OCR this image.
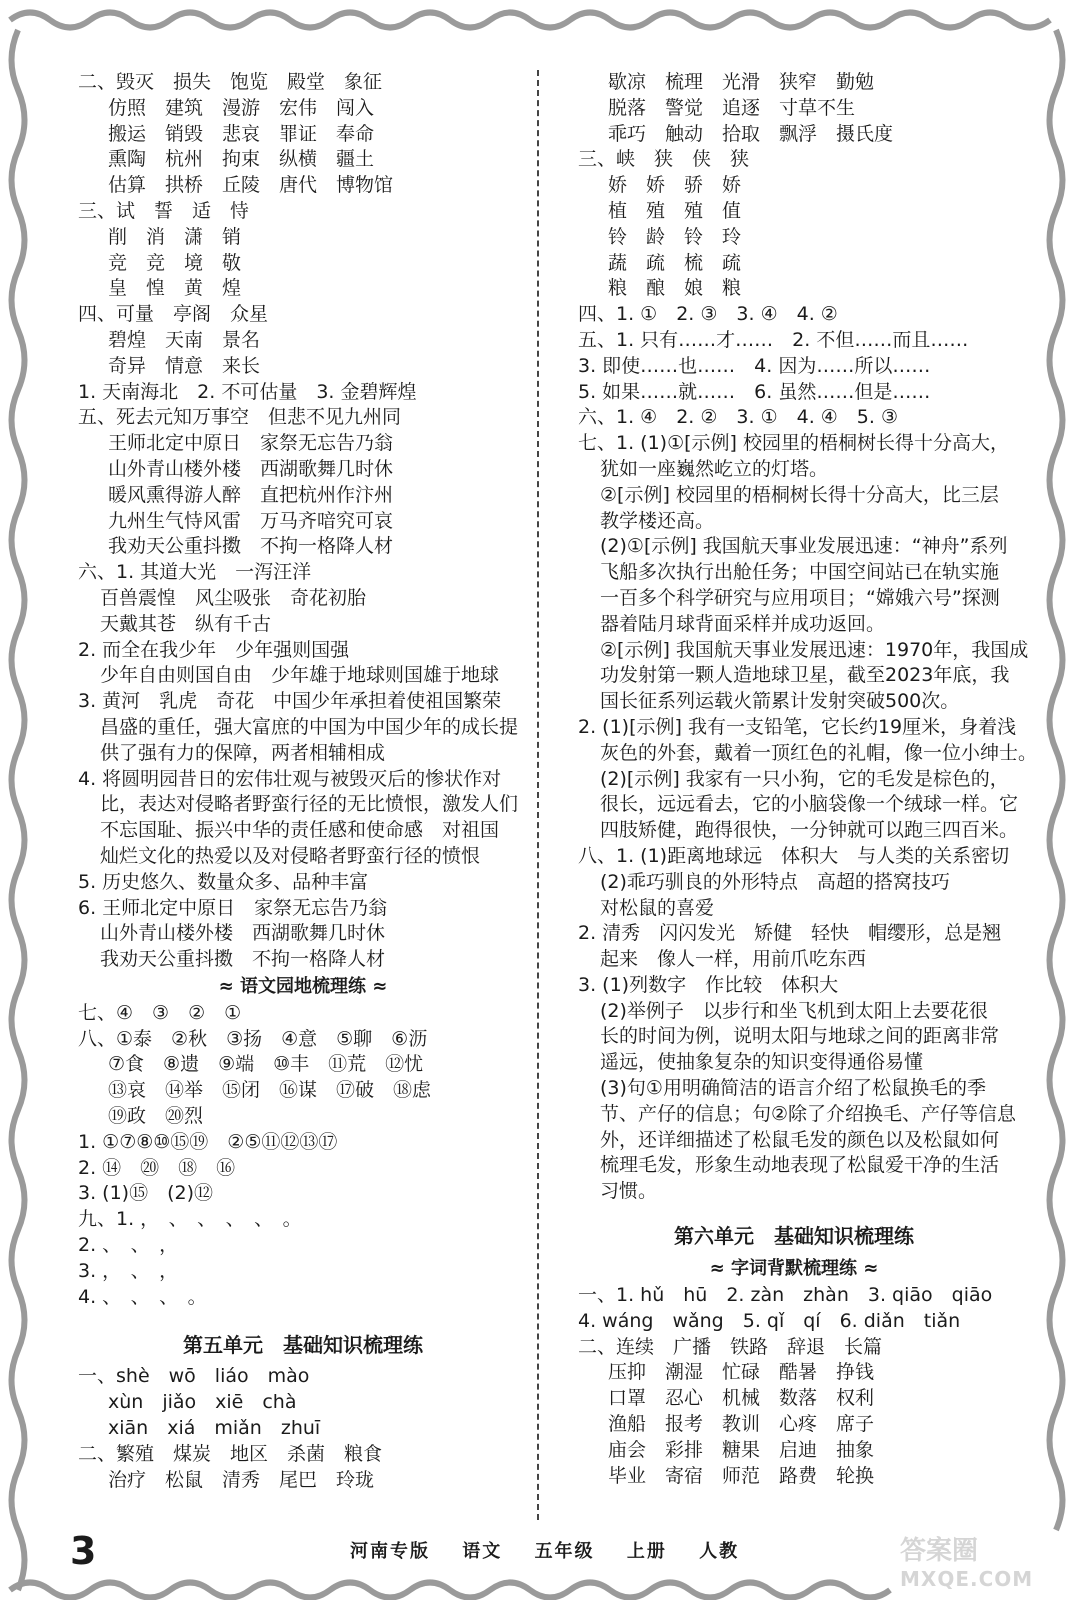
二、毁灭　损失　饱览　殿堂　象征
仿照　建筑　漫游　宏伟　闯入
搬运　销毁　悲哀　罪证　奉命
熏陶　杭州　拘束　纵横　疆土
估算　拱桥　丘陵　唐代　博物馆
三、试　誓　适　恃
削　消　潇　销
竞　竞　境　敬
皇　惶　黄　煌
四、可量　亭阁　众星
碧煌　天南　景名
奇异　情意　来长
1. 天南海北　2. 不可估量　3. 金碧辉煌
五、死去元知万事空　但悲不见九州同
王师北定中原日　家祭无忘告乃翁
山外青山楼外楼　西湖歌舞几时休
暖风熏得游人醉　直把杭州作汴州
九州生气恃风雷　万马齐喑究可哀
我劝天公重抖擞　不拘一格降人材
六、1. 其道大光　一泻汪洋
百兽震惶　风尘吸张　奇花初胎
天戴其苍　纵有千古
2. 而全在我少年　少年强则国强
少年自由则国自由　少年雄于地球则国雄于地球
3. 黄河　乳虎　奇花　中国少年承担着使祖国繁荣
昌盛的重任，强大富庶的中国为中国少年的成长提
供了强有力的保障，两者相辅相成
4. 将圆明园昔日的宏伟壮观与被毁灭后的惨状作对
比，表达对侵略者野蛮行径的无比愤恨，激发人们
不忘国耻、振兴中华的责任感和使命感　对祖国
灿烂文化的热爱以及对侵略者野蛮行径的愤恨
5. 历史悠久、数量众多、品种丰富
6. 王师北定中原日　家祭无忘告乃翁
山外青山楼外楼　西湖歌舞几时休
我劝天公重抖擞　不拘一格降人材
≈ 语文园地梳理练 ≈
七、④　③　②　①
八、①泰　②秋　③扬　④意　⑤聊　⑥沥
⑦食　⑧遗　⑨端　⑩丰　⑪荒　⑫忧
⑬哀　⑭举　⑮闭　⑯谋　⑰破　⑱虑
⑲政　⑳烈
1. ①⑦⑧⑩⑮⑲　②⑤⑪⑫⑬⑰
2. ⑭　⑳　⑱　⑯
3. (1)⑮　(2)⑫
九、1. ，　、　、　、　、　。
2. 、　、　，
3. ，　、　，
4. 、　、　、　。
第五单元　基础知识梳理练
一、shè　wō　liáo　mào
xùn　jiǎo　xiē　chà
xiān　xiá　miǎn　zhuī
二、繁殖　煤炭　地区　杀菌　粮食
治疗　松鼠　清秀　尾巴　玲珑
歇凉　梳理　光滑　狭窄　勤勉
脱落　警觉　追逐　寸草不生
乖巧　触动　拾取　飘浮　摄氏度
三、峡　狭　侠　狭
娇　娇　骄　娇
植　殖　殖　值
铃　龄　铃　玲
蔬　疏　梳　疏
粮　酿　娘　粮
四、1. ①　2. ③　3. ④　4. ②
五、1. 只有……才……　2. 不但……而且……
3. 即使……也……　4. 因为……所以……
5. 如果……就……　6. 虽然……但是……
六、1. ④　2. ②　3. ①　4. ④　5. ③
七、1. (1)①[示例] 校园里的梧桐树长得十分高大，
犹如一座巍然屹立的灯塔。
②[示例] 校园里的梧桐树长得十分高大，比三层
教学楼还高。
(2)①[示例] 我国航天事业发展迅速：“神舟”系列
飞船多次执行出舱任务；中国空间站已在轨实施
一百多个科学研究与应用项目；“嫦娥六号”探测
器着陆月球背面采样并成功返回。
②[示例] 我国航天事业发展迅速：1970年，我国成
功发射第一颗人造地球卫星，截至2023年底，我
国长征系列运载火箭累计发射突破500次。
2. (1)[示例] 我有一支铅笔，它长约19厘米，身着浅
灰色的外套，戴着一顶红色的礼帽，像一位小绅士。
(2)[示例] 我家有一只小狗，它的毛发是棕色的，
很长，远远看去，它的小脑袋像一个绒球一样。它
四肢矫健，跑得很快，一分钟就可以跑三四百米。
八、1. (1)距离地球远　体积大　与人类的关系密切
(2)乖巧驯良的外形特点　高超的搭窝技巧
对松鼠的喜爱
2. 清秀　闪闪发光　矫健　轻快　帽缨形，总是翘
起来　像人一样，用前爪吃东西
3. (1)列数字　作比较　体积大
(2)举例子　以步行和坐飞机到太阳上去要花很
长的时间为例，说明太阳与地球之间的距离非常
遥远，使抽象复杂的知识变得通俗易懂
(3)句①用明确简洁的语言介绍了松鼠换毛的季
节、产仔的信息；句②除了介绍换毛、产仔等信息
外，还详细描述了松鼠毛发的颜色以及松鼠如何
梳理毛发，形象生动地表现了松鼠爱干净的生活
习惯。
第六单元　基础知识梳理练
≈ 字词背默梳理练 ≈
一、1. hǔ　hū　2. zàn　zhàn　3. qiāo　qiāo
4. wáng　wǎng　5. qǐ　qí　6. diǎn　tiǎn
二、连续　广播　铁路　辞退　长篇
压抑　潮湿　忙碌　酷暑　挣钱
口罩　忍心　机械　数落　权利
渔船　报考　教训　心疼　席子
庙会　彩排　糖果　启迪　抽象
毕业　寄宿　师范　路费　轮换
3	河南专版 语文 五年级 上册 人教	答案圈
MXQE.COM
